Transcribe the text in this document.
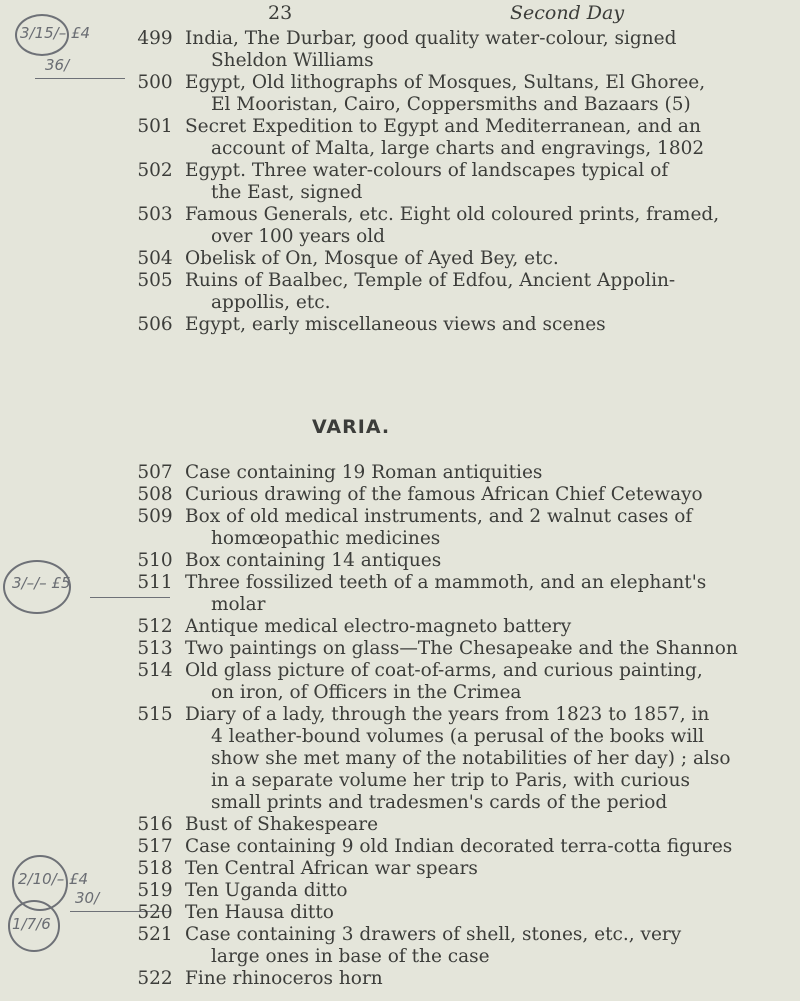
23	Second Day
3/15/– £4
36/
3/–/– £5
2/10/– £4
30/
1/7/6
499 India, The Durbar, good quality water-colour, signed
Sheldon Williams
500 Egypt, Old lithographs of Mosques, Sultans, El Ghoree,
El Mooristan, Cairo, Coppersmiths and Bazaars (5)
501 Secret Expedition to Egypt and Mediterranean, and an
account of Malta, large charts and engravings, 1802
502 Egypt. Three water-colours of landscapes typical of
the East, signed
503 Famous Generals, etc. Eight old coloured prints, framed,
over 100 years old
504 Obelisk of On, Mosque of Ayed Bey, etc.
505 Ruins of Baalbec, Temple of Edfou, Ancient Appolin-
appollis, etc.
506 Egypt, early miscellaneous views and scenes
VARIA.
507 Case containing 19 Roman antiquities
508 Curious drawing of the famous African Chief Cetewayo
509 Box of old medical instruments, and 2 walnut cases of
homœopathic medicines
510 Box containing 14 antiques
511 Three fossilized teeth of a mammoth, and an elephant's
molar
512 Antique medical electro-magneto battery
513 Two paintings on glass—The Chesapeake and the Shannon
514 Old glass picture of coat-of-arms, and curious painting,
on iron, of Officers in the Crimea
515 Diary of a lady, through the years from 1823 to 1857, in
4 leather-bound volumes (a perusal of the books will
show she met many of the notabilities of her day) ; also
in a separate volume her trip to Paris, with curious
small prints and tradesmen's cards of the period
516 Bust of Shakespeare
517 Case containing 9 old Indian decorated terra-cotta figures
518 Ten Central African war spears
519 Ten Uganda ditto
520 Ten Hausa ditto
521 Case containing 3 drawers of shell, stones, etc., very
large ones in base of the case
522 Fine rhinoceros horn
